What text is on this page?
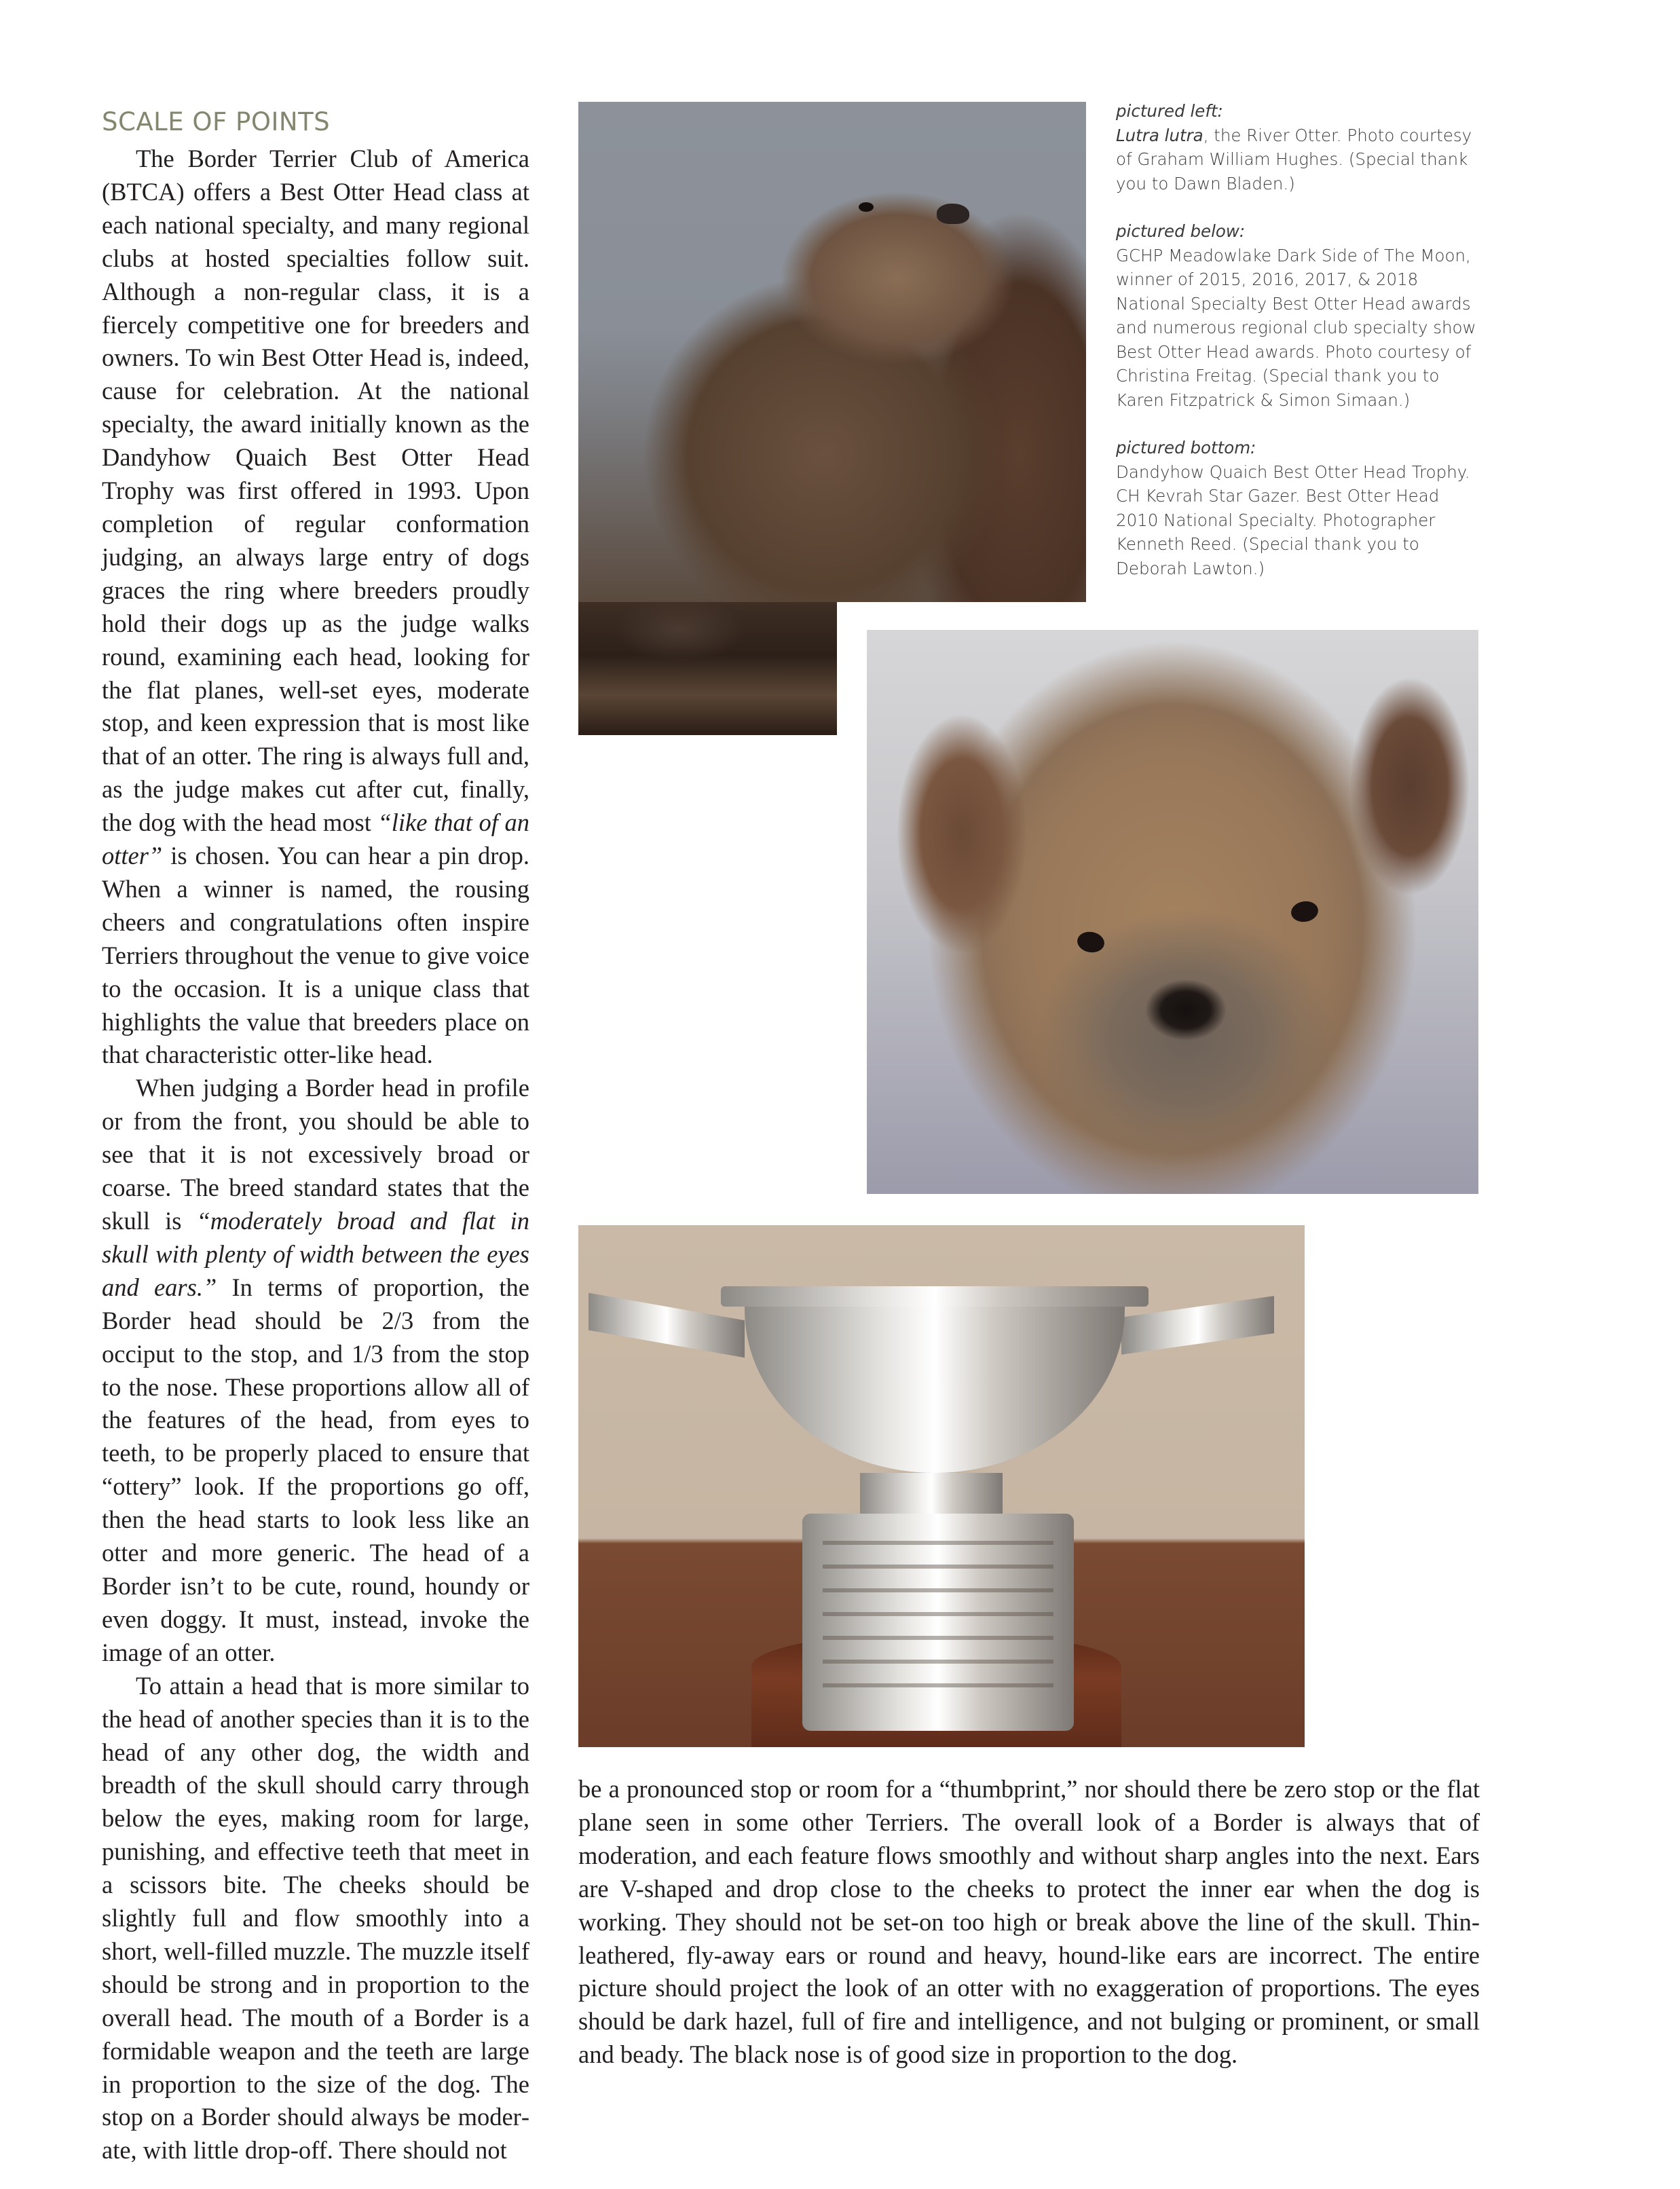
SCALE OF POINTS

The Border Terrier Club of America (BTCA) offers a Best Otter Head class at each national specialty, and many regional clubs at hosted specialties follow suit. Although a non-regular class, it is a fiercely competitive one for breeders and owners. To win Best Otter Head is, indeed, cause for celebration. At the national specialty, the award initially known as the Dandyhow Quaich Best Otter Head Trophy was first offered in 1993. Upon completion of regular conformation judging, an always large entry of dogs graces the ring where breeders proudly hold their dogs up as the judge walks round, examining each head, looking for the flat planes, well-set eyes, moderate stop, and keen expression that is most like that of an otter. The ring is always full and, as the judge makes cut after cut, finally, the dog with the head most “like that of an otter” is chosen. You can hear a pin drop. When a winner is named, the rousing cheers and congratulations often inspire Terriers throughout the venue to give voice to the occasion. It is a unique class that highlights the value that breeders place on that characteristic otter-like head.

When judging a Border head in profile or from the front, you should be able to see that it is not excessively broad or coarse. The breed standard states that the skull is “moderately broad and flat in skull with plenty of width between the eyes and ears.” In terms of proportion, the Border head should be 2/3 from the occiput to the stop, and 1/3 from the stop to the nose. These proportions allow all of the features of the head, from eyes to teeth, to be properly placed to ensure that “ottery” look. If the proportions go off, then the head starts to look less like an otter and more generic. The head of a Border isn’t to be cute, round, houndy or even doggy. It must, instead, invoke the image of an otter.

To attain a head that is more similar to the head of another species than it is to the head of any other dog, the width and breadth of the skull should carry through below the eyes, making room for large, punishing, and effective teeth that meet in a scissors bite. The cheeks should be slightly full and flow smoothly into a short, well-filled muzzle. The muzzle itself should be strong and in proportion to the overall head. The mouth of a Border is a formidable weapon and the teeth are large in proportion to the size of the dog. The stop on a Border should always be moderate, with little drop-off. There should not

pictured left:
Lutra lutra, the River Otter. Photo courtesy of Graham William Hughes. (Special thank you to Dawn Bladen.)
pictured below:
GCHP Meadowlake Dark Side of The Moon, winner of 2015, 2016, 2017, & 2018 National Specialty Best Otter Head awards and numerous regional club specialty show Best Otter Head awards. Photo courtesy of Christina Freitag. (Special thank you to Karen Fitzpatrick & Simon Simaan.)
pictured bottom:
Dandyhow Quaich Best Otter Head Trophy. CH Kevrah Star Gazer. Best Otter Head 2010 National Specialty. Photographer Kenneth Reed. (Special thank you to Deborah Lawton.)

be a pronounced stop or room for a “thumbprint,” nor should there be zero stop or the flat plane seen in some other Terriers. The overall look of a Border is always that of moderation, and each feature flows smoothly and without sharp angles into the next. Ears are V-shaped and drop close to the cheeks to protect the inner ear when the dog is working. They should not be set-on too high or break above the line of the skull. Thin-leathered, fly-away ears or round and heavy, hound-like ears are incorrect. The entire picture should project the look of an otter with no exaggeration of proportions. The eyes should be dark hazel, full of fire and intelligence, and not bulging or prominent, or small and beady. The black nose is of good size in proportion to the dog.
